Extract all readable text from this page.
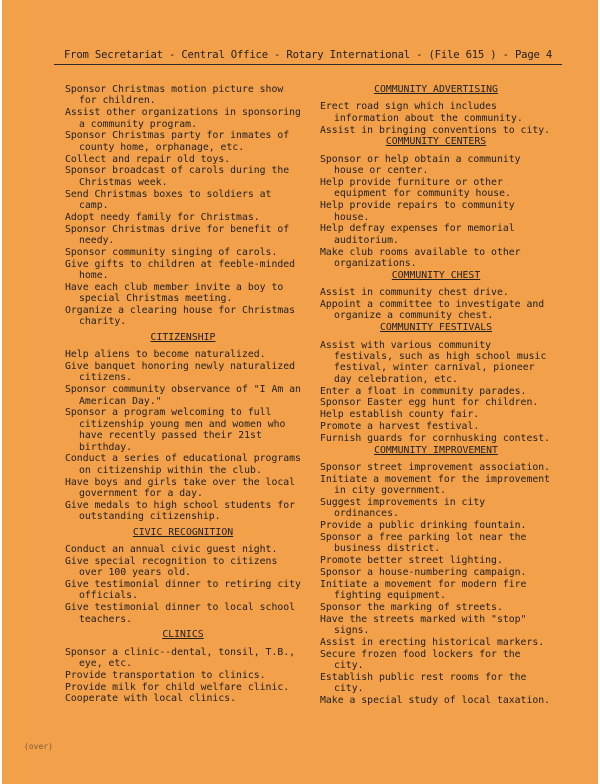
From Secretariat - Central Office - Rotary International - (File 615 ) - Page 4
Sponsor Christmas motion picture show for children.
Assist other organizations in sponsoring a community program.
Sponsor Christmas party for inmates of county home, orphanage, etc.
Collect and repair old toys.
Sponsor broadcast of carols during the Christmas week.
Send Christmas boxes to soldiers at camp.
Adopt needy family for Christmas.
Sponsor Christmas drive for benefit of needy.
Sponsor community singing of carols.
Give gifts to children at feeble-minded home.
Have each club member invite a boy to special Christmas meeting.
Organize a clearing house for Christmas charity.
CITIZENSHIP
Help aliens to become naturalized.
Give banquet honoring newly naturalized citizens.
Sponsor community observance of "I Am an American Day."
Sponsor a program welcoming to full citizenship young men and women who have recently passed their 21st birthday.
Conduct a series of educational programs on citizenship within the club.
Have boys and girls take over the local government for a day.
Give medals to high school students for outstanding citizenship.
CIVIC RECOGNITION
Conduct an annual civic guest night.
Give special recognition to citizens over 100 years old.
Give testimonial dinner to retiring city officials.
Give testimonial dinner to local school teachers.
CLINICS
Sponsor a clinic--dental, tonsil, T.B., eye, etc.
Provide transportation to clinics.
Provide milk for child welfare clinic.
Cooperate with local clinics.
COMMUNITY ADVERTISING
Erect road sign which includes information about the community.
Assist in bringing conventions to city.
COMMUNITY CENTERS
Sponsor or help obtain a community house or center.
Help provide furniture or other equipment for community house.
Help provide repairs to community house.
Help defray expenses for memorial auditorium.
Make club rooms available to other organizations.
COMMUNITY CHEST
Assist in community chest drive.
Appoint a committee to investigate and organize a community chest.
COMMUNITY FESTIVALS
Assist with various community festivals, such as high school music festival, winter carnival, pioneer day celebration, etc.
Enter a float in community parades.
Sponsor Easter egg hunt for children.
Help establish county fair.
Promote a harvest festival.
Furnish guards for cornhusking contest.
COMMUNITY IMPROVEMENT
Sponsor street improvement association.
Initiate a movement for the improvement in city government.
Suggest improvements in city ordinances.
Provide a public drinking fountain.
Sponsor a free parking lot near the business district.
Promote better street lighting.
Sponsor a house-numbering campaign.
Initiate a movement for modern fire fighting equipment.
Sponsor the marking of streets.
Have the streets marked with "stop" signs.
Assist in erecting historical markers.
Secure frozen food lockers for the city.
Establish public rest rooms for the city.
Make a special study of local taxation.
(over)
